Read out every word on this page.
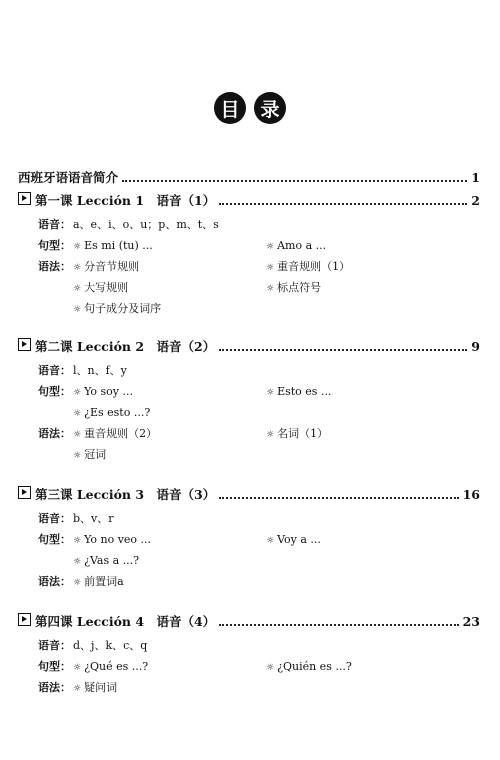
目	录
西班牙语语音简介	1
第一课 Lección 1　语音（1）	2
语音： a、e、i、o、u；p、m、t、s
句型： ☼ Es mi (tu) ...	☼ Amo a ...
语法： ☼ 分音节规则	☼ 重音规则（1）
☼ 大写规则	☼ 标点符号
☼ 句子成分及词序
第二课 Lección 2　语音（2）	9
语音： l、n、f、y
句型： ☼ Yo soy ...	☼ Esto es ...
☼ ¿Es esto ...?
语法： ☼ 重音规则（2）	☼ 名词（1）
☼ 冠词
第三课 Lección 3　语音（3）	16
语音： b、v、r
句型： ☼ Yo no veo ...	☼ Voy a ...
☼ ¿Vas a ...?
语法： ☼ 前置词a
第四课 Lección 4　语音（4）	23
语音： d、j、k、c、q
句型： ☼ ¿Qué es ...?	☼ ¿Quién es ...?
语法： ☼ 疑问词
